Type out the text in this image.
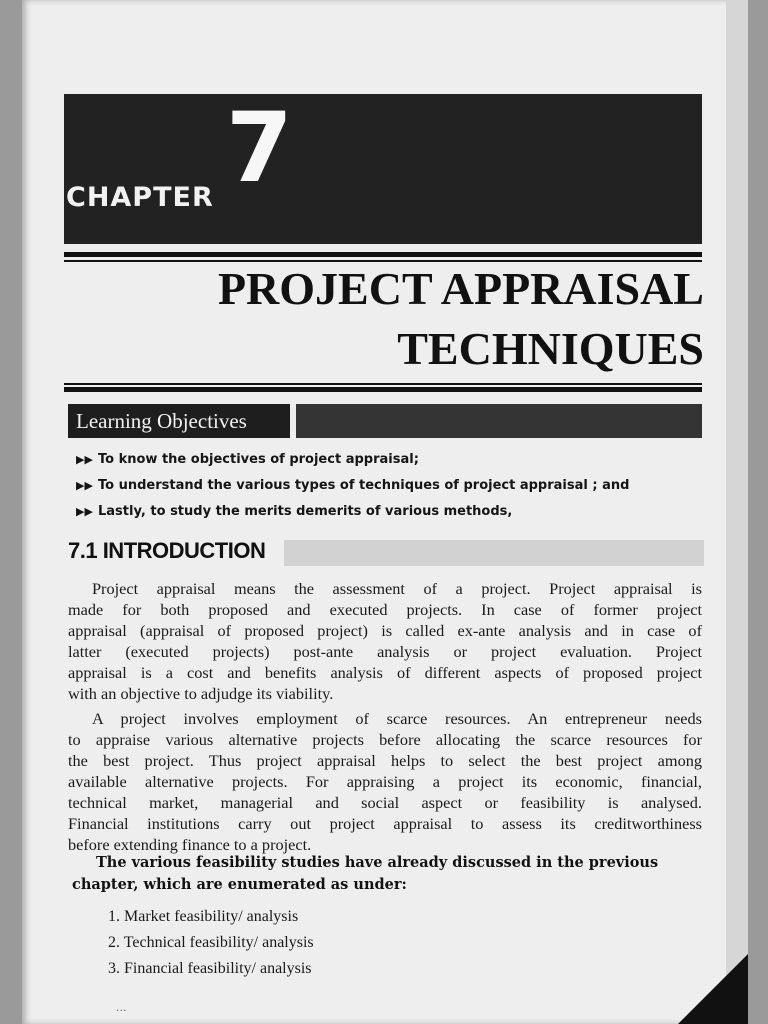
CHAPTER 7
PROJECT APPRAISAL
TECHNIQUES
Learning Objectives
▶▶ To know the objectives of project appraisal;
▶▶ To understand the various types of techniques of project appraisal ; and
▶▶ Lastly, to study the merits demerits of various methods,
7.1 INTRODUCTION
Project appraisal means the assessment of a project. Project appraisal is
made for both proposed and executed projects. In case of former project
appraisal (appraisal of proposed project) is called ex-ante analysis and in case of
latter (executed projects) post-ante analysis or project evaluation. Project
appraisal is a cost and benefits analysis of different aspects of proposed project
with an objective to adjudge its viability.
A project involves employment of scarce resources. An entrepreneur needs
to appraise various alternative projects before allocating the scarce resources for
the best project. Thus project appraisal helps to select the best project among
available alternative projects. For appraising a project its economic, financial,
technical market, managerial and social aspect or feasibility is analysed.
Financial institutions carry out project appraisal to assess its creditworthiness
before extending finance to a project.
The various feasibility studies have already discussed in the previous
chapter, which are enumerated as under:
1. Market feasibility/ analysis
2. Technical feasibility/ analysis
3. Financial feasibility/ analysis
···
